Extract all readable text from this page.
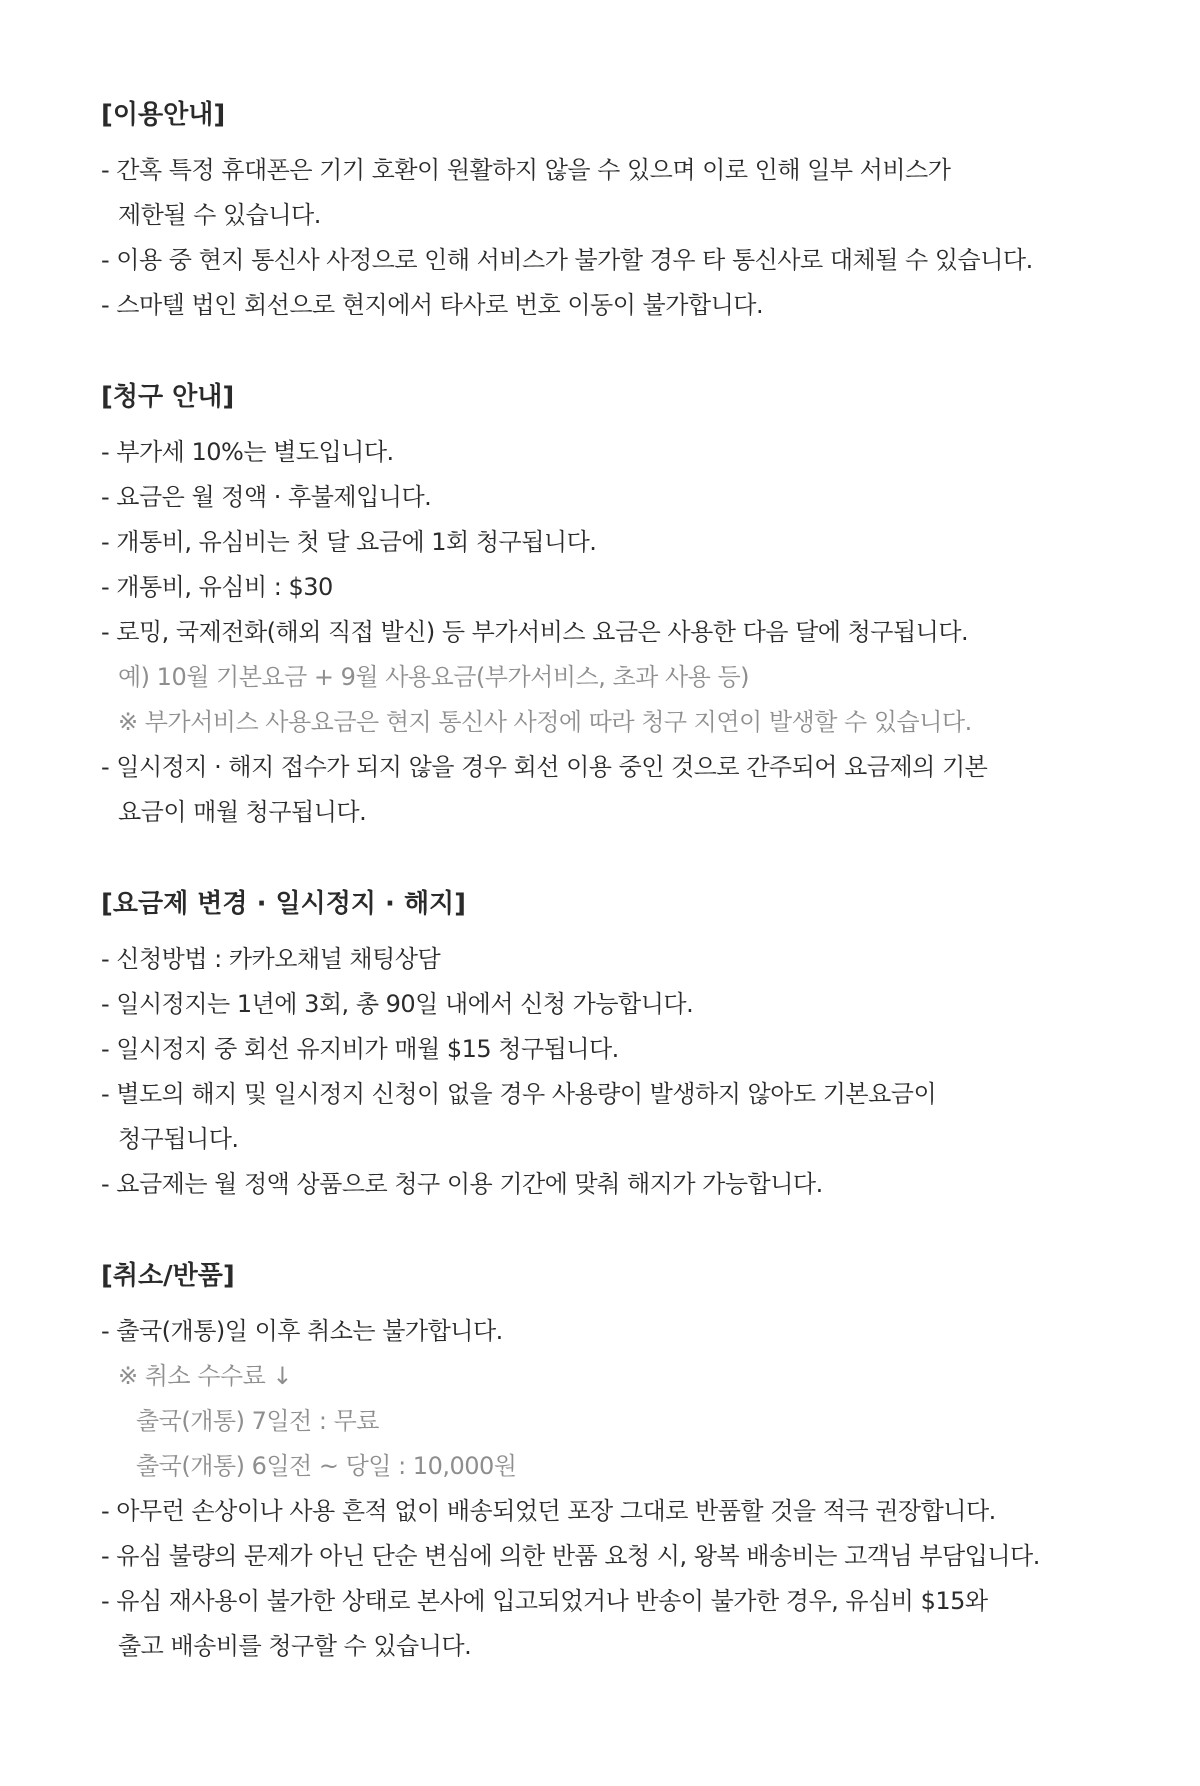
[이용안내]
- 간혹 특정 휴대폰은 기기 호환이 원활하지 않을 수 있으며 이로 인해 일부 서비스가
제한될 수 있습니다.
- 이용 중 현지 통신사 사정으로 인해 서비스가 불가할 경우 타 통신사로 대체될 수 있습니다.
- 스마텔 법인 회선으로 현지에서 타사로 번호 이동이 불가합니다.
[청구 안내]
- 부가세 10%는 별도입니다.
- 요금은 월 정액 · 후불제입니다.
- 개통비, 유심비는 첫 달 요금에 1회 청구됩니다.
- 개통비, 유심비 : $30
- 로밍, 국제전화(해외 직접 발신) 등 부가서비스 요금은 사용한 다음 달에 청구됩니다.
예) 10월 기본요금 + 9월 사용요금(부가서비스, 초과 사용 등)
※ 부가서비스 사용요금은 현지 통신사 사정에 따라 청구 지연이 발생할 수 있습니다.
- 일시정지 · 해지 접수가 되지 않을 경우 회선 이용 중인 것으로 간주되어 요금제의 기본
요금이 매월 청구됩니다.
[요금제 변경 · 일시정지 · 해지]
- 신청방법 : 카카오채널 채팅상담
- 일시정지는 1년에 3회, 총 90일 내에서 신청 가능합니다.
- 일시정지 중 회선 유지비가 매월 $15 청구됩니다.
- 별도의 해지 및 일시정지 신청이 없을 경우 사용량이 발생하지 않아도 기본요금이
청구됩니다.
- 요금제는 월 정액 상품으로 청구 이용 기간에 맞춰 해지가 가능합니다.
[취소/반품]
- 출국(개통)일 이후 취소는 불가합니다.
※ 취소 수수료 ↓
출국(개통) 7일전 : 무료
출국(개통) 6일전 ~ 당일 : 10,000원
- 아무런 손상이나 사용 흔적 없이 배송되었던 포장 그대로 반품할 것을 적극 권장합니다.
- 유심 불량의 문제가 아닌 단순 변심에 의한 반품 요청 시, 왕복 배송비는 고객님 부담입니다.
- 유심 재사용이 불가한 상태로 본사에 입고되었거나 반송이 불가한 경우, 유심비 $15와
출고 배송비를 청구할 수 있습니다.
